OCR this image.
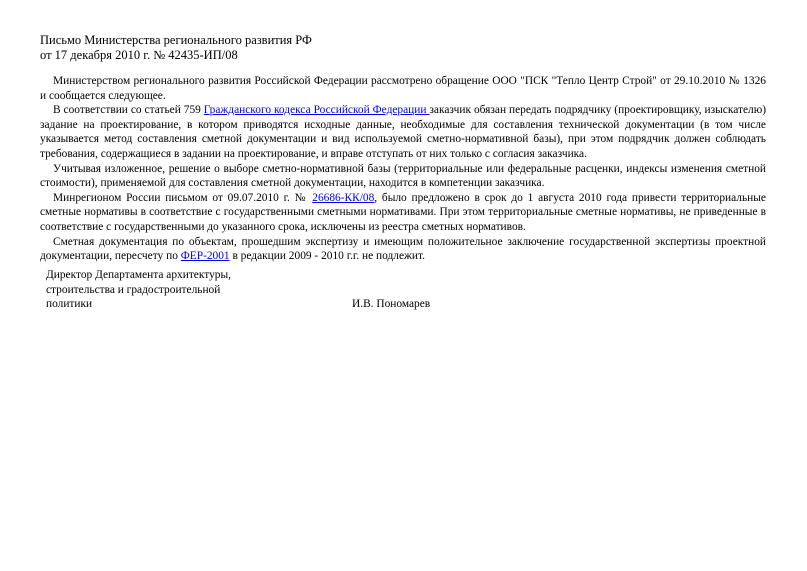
Письмо Министерства регионального развития РФ
от 17 декабря 2010 г. № 42435-ИП/08

Министерством регионального развития Российской Федерации рассмотрено обращение ООО "ПСК "Тепло Центр Строй" от 29.10.2010 № 1326 и сообщается следующее.

В соответствии со статьей 759 Гражданского кодекса Российской Федерации заказчик обязан передать подрядчику (проектировщику, изыскателю) задание на проектирование, в котором приводятся исходные данные, необходимые для составления технической документации (в том числе указывается метод составления сметной документации и вид используемой сметно-нормативной базы), при этом подрядчик должен соблюдать требования, содержащиеся в задании на проектирование, и вправе отступать от них только с согласия заказчика.

Учитывая изложенное, решение о выборе сметно-нормативной базы (территориальные или федеральные расценки, индексы изменения сметной стоимости), применяемой для составления сметной документации, находится в компетенции заказчика.

Минрегионом России письмом от 09.07.2010 г. № 26686-КК/08, было предложено в срок до 1 августа 2010 года привести территориальные сметные нормативы в соответствие с государственными сметными нормативами. При этом территориальные сметные нормативы, не приведенные в соответствие с государственными до указанного срока, исключены из реестра сметных нормативов.

Сметная документация по объектам, прошедшим экспертизу и имеющим положительное заключение государственной экспертизы проектной документации, пересчету по ФЕР-2001 в редакции 2009 - 2010 г.г. не подлежит.

Директор Департамента архитектуры,
строительства и градостроительной
политики	И.В. Пономарев
